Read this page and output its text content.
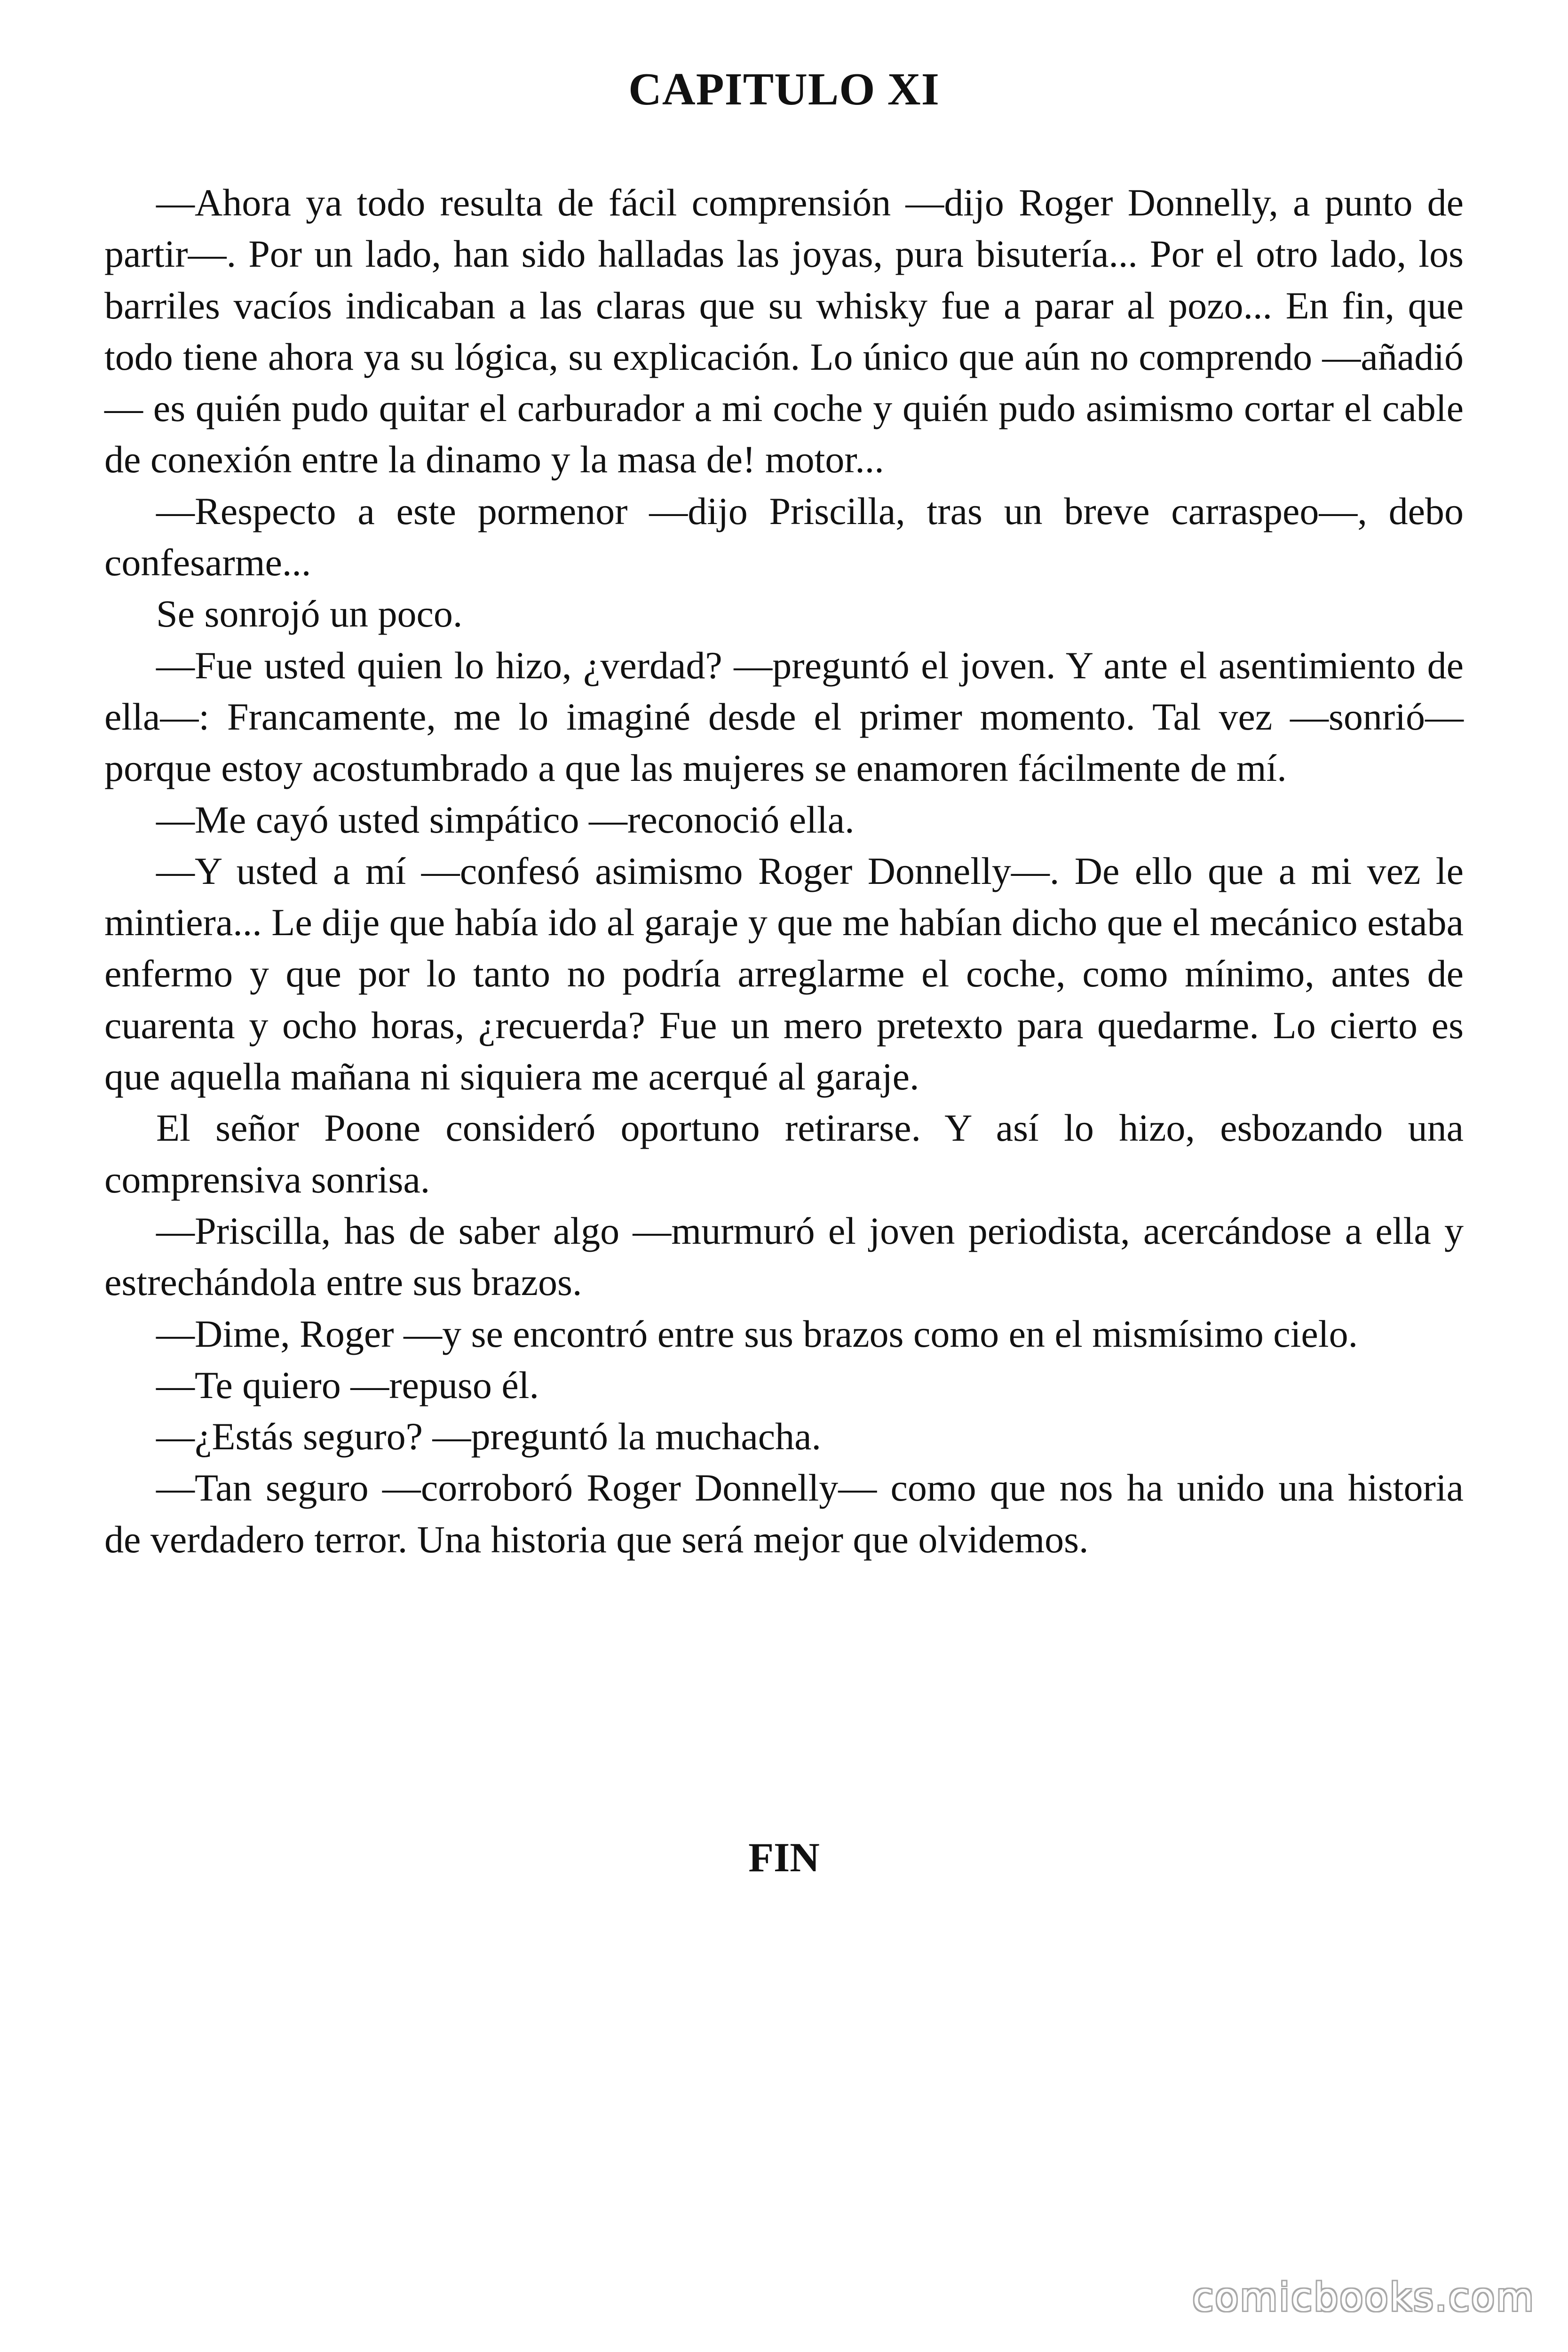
CAPITULO XI

—Ahora ya todo resulta de fácil comprensión —dijo Roger Donnelly, a punto de partir—. Por un lado, han sido halladas las joyas, pura bisutería... Por el otro lado, los barriles vacíos indicaban a las claras que su whisky fue a parar al pozo... En fin, que todo tiene ahora ya su lógica, su explicación. Lo único que aún no comprendo —añadió— es quién pudo quitar el carburador a mi coche y quién pudo asimismo cortar el cable de conexión entre la dinamo y la masa de! motor...

—Respecto a este pormenor —dijo Priscilla, tras un breve carraspeo—, debo confesarme...

Se sonrojó un poco.

—Fue usted quien lo hizo, ¿verdad? —preguntó el joven. Y ante el asentimiento de ella—: Francamente, me lo imaginé desde el primer momento. Tal vez —sonrió— porque estoy acostumbrado a que las mujeres se enamoren fácilmente de mí.

—Me cayó usted simpático —reconoció ella.

—Y usted a mí —confesó asimismo Roger Donnelly—. De ello que a mi vez le mintiera... Le dije que había ido al garaje y que me habían dicho que el mecánico estaba enfermo y que por lo tanto no podría arreglarme el coche, como mínimo, antes de cuarenta y ocho horas, ¿recuerda? Fue un mero pretexto para quedarme. Lo cierto es que aquella mañana ni siquiera me acerqué al garaje.

El señor Poone consideró oportuno retirarse. Y así lo hizo, esbozando una comprensiva sonrisa.

—Priscilla, has de saber algo —murmuró el joven periodista, acercándose a ella y estrechándola entre sus brazos.

—Dime, Roger —y se encontró entre sus brazos como en el mismísimo cielo.

—Te quiero —repuso él.

—¿Estás seguro? —preguntó la muchacha.

—Tan seguro —corroboró Roger Donnelly— como que nos ha unido una historia de verdadero terror. Una historia que será mejor que olvidemos.

FIN

comicbooks.com
